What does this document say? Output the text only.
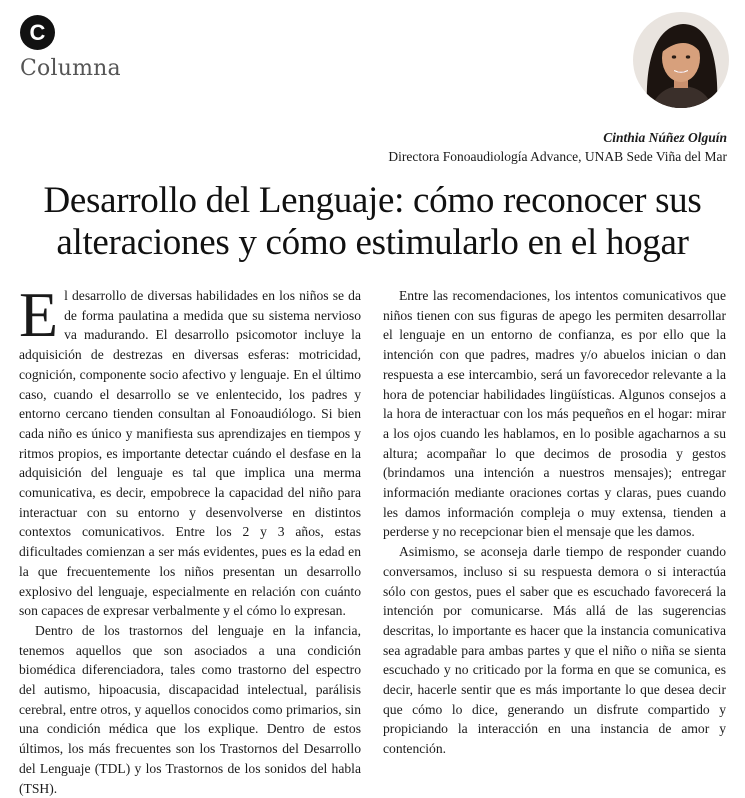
C
Columna
Cinthia Núñez Olguín
Directora Fonoaudiología Advance, UNAB Sede Viña del Mar
Desarrollo del Lenguaje: cómo reconocer sus
alteraciones y cómo estimularlo en el hogar

El desarrollo de diversas habilidades en los niños se da de forma paulatina a medida que su sistema nervioso va madurando. El desarrollo psicomotor incluye la adquisición de destrezas en diversas esferas: motricidad, cognición, componente socio afectivo y lenguaje. En el último caso, cuando el desarrollo se ve enlentecido, los padres y entorno cercano tienden consultan al Fonoaudiólogo. Si bien cada niño es único y manifiesta sus aprendizajes en tiempos y ritmos propios, es importante detectar cuándo el desfase en la adquisición del lenguaje es tal que implica una merma comunicativa, es decir, empobrece la capacidad del niño para interactuar con su entorno y desenvolverse en distintos contextos comunicativos. Entre los 2 y 3 años, estas dificultades comienzan a ser más evidentes, pues es la edad en la que frecuentemente los niños presentan un desarrollo explosivo del lenguaje, especialmente en relación con cuánto son capaces de expresar verbalmente y el cómo lo expresan.

Dentro de los trastornos del lenguaje en la infancia, tenemos aquellos que son asociados a una condición biomédica diferenciadora, tales como trastorno del espectro del autismo, hipoacusia, discapacidad intelectual, parálisis cerebral, entre otros, y aquellos conocidos como primarios, sin una condición médica que los explique. Dentro de estos últimos, los más frecuentes son los Trastornos del Desarrollo del Lenguaje (TDL) y los Trastornos de los sonidos del habla (TSH).

Entre las recomendaciones, los intentos comunicativos que niños tienen con sus figuras de apego les permiten desarrollar el lenguaje en un entorno de confianza, es por ello que la intención con que padres, madres y/o abuelos inician o dan respuesta a ese intercambio, será un favorecedor relevante a la hora de potenciar habilidades lingüísticas. Algunos consejos a la hora de interactuar con los más pequeños en el hogar: mirar a los ojos cuando les hablamos, en lo posible agacharnos a su altura; acompañar lo que decimos de prosodia y gestos (brindamos una intención a nuestros mensajes); entregar información mediante oraciones cortas y claras, pues cuando les damos información compleja o muy extensa, tienden a perderse y no recepcionar bien el mensaje que les damos.

Asimismo, se aconseja darle tiempo de responder cuando conversamos, incluso si su respuesta demora o si interactúa sólo con gestos, pues el saber que es escuchado favorecerá la intención por comunicarse. Más allá de las sugerencias descritas, lo importante es hacer que la instancia comunicativa sea agradable para ambas partes y que el niño o niña se sienta escuchado y no criticado por la forma en que se comunica, es decir, hacerle sentir que es más importante lo que desea decir que cómo lo dice, generando un disfrute compartido y propiciando la interacción en una instancia de amor y contención.
